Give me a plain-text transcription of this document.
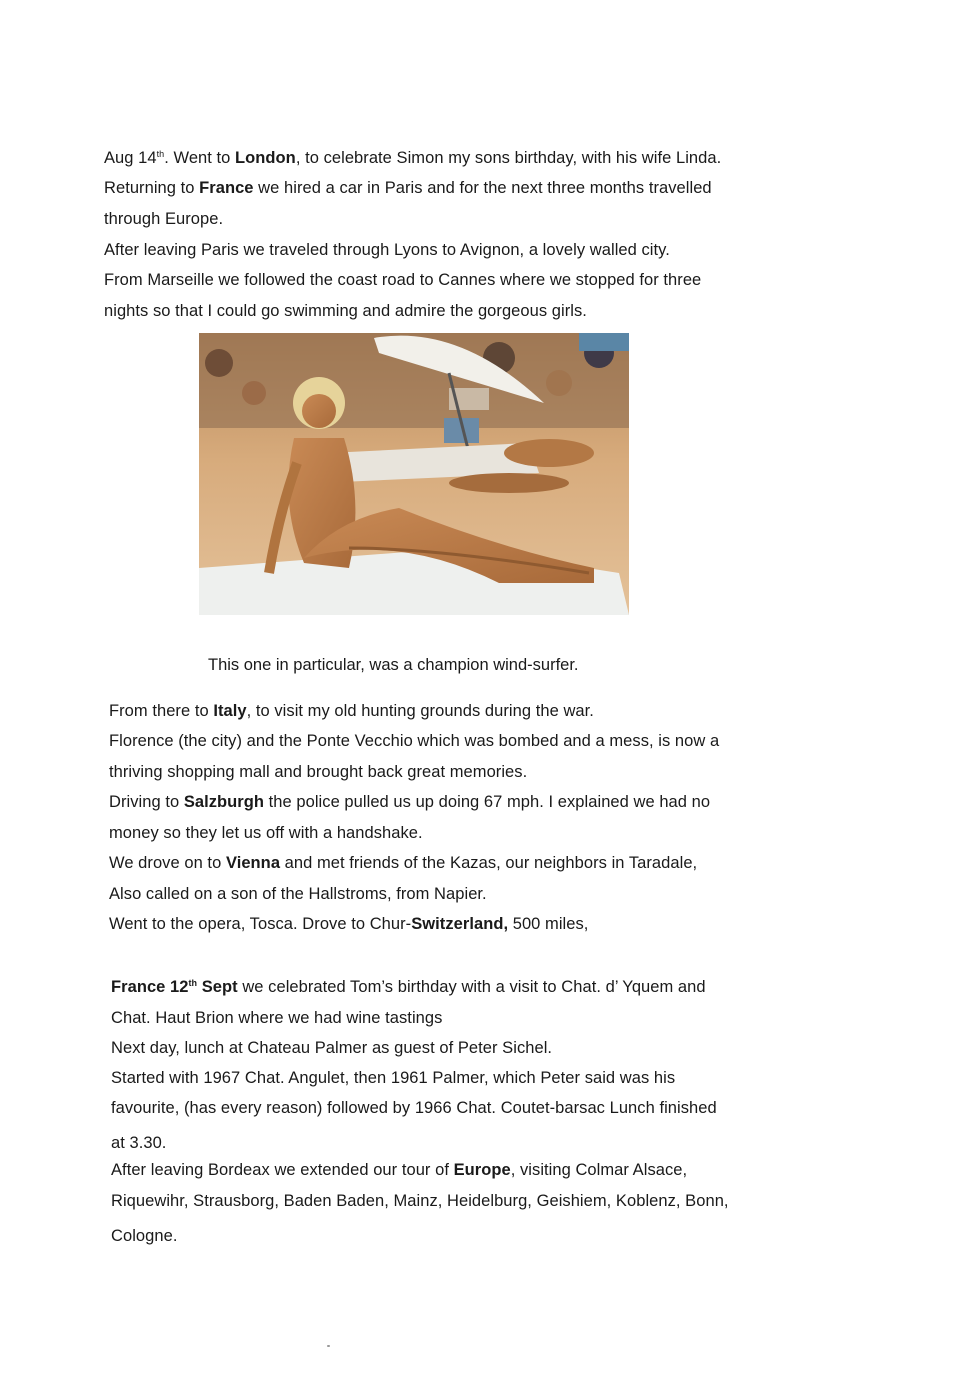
Aug 14th. Went to London, to celebrate Simon my sons birthday, with his wife Linda.

Returning to France we hired a car in Paris and for the next three months travelled

through Europe.

After leaving Paris we traveled through Lyons to Avignon, a lovely walled city.

From Marseille we followed the coast road to Cannes where we stopped for three

nights so that I could go swimming and admire the gorgeous girls.

This one in particular, was a champion wind-surfer.

From there to Italy, to visit my old hunting grounds during the war.

Florence (the city) and the Ponte Vecchio which was bombed and a mess, is now a

thriving shopping mall and brought back great memories.

Driving to Salzburgh the police pulled us up doing 67 mph. I explained we had no

money so they let us off with a handshake.

We drove on to Vienna and met friends of the Kazas, our neighbors in Taradale,

Also called on a son of the Hallstroms, from Napier.

Went to the opera, Tosca. Drove to Chur-Switzerland, 500 miles,

France 12th Sept we celebrated Tom’s birthday with a visit to Chat. d’ Yquem and

Chat. Haut Brion where we had wine tastings

Next day, lunch at Chateau Palmer as guest of Peter Sichel.

Started with 1967 Chat. Angulet, then 1961 Palmer, which Peter said was his

favourite, (has every reason) followed by 1966 Chat. Coutet-barsac Lunch finished

at 3.30.

After leaving Bordeax we extended our tour of Europe, visiting Colmar Alsace,

Riquewihr, Strausborg, Baden Baden, Mainz, Heidelburg, Geishiem, Koblenz, Bonn,

Cologne.
